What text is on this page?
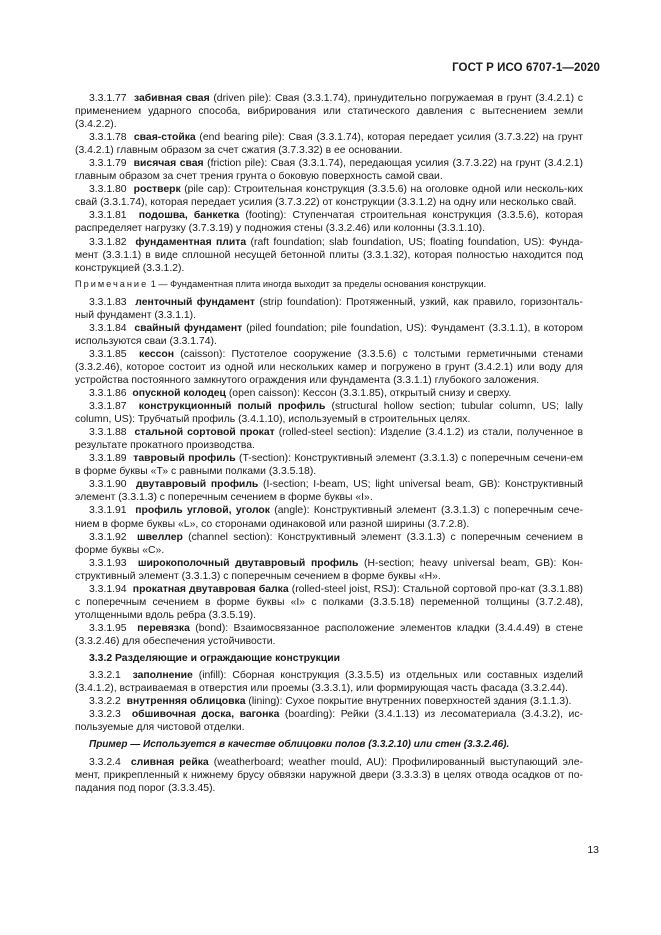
ГОСТ Р ИСО 6707-1—2020

3.3.1.77 забивная свая (driven pile): Свая (3.3.1.74), принудительно погружаемая в грунт (3.4.2.1) с применением ударного способа, вибрирования или статического давления с вытеснением земли (3.4.2.2).

3.3.1.78 свая-стойка (end bearing pile): Свая (3.3.1.74), которая передает усилия (3.7.3.22) на грунт (3.4.2.1) главным образом за счет сжатия (3.7.3.32) в ее основании.

3.3.1.79 висячая свая (friction pile): Свая (3.3.1.74), передающая усилия (3.7.3.22) на грунт (3.4.2.1) главным образом за счет трения грунта о боковую поверхность самой сваи.

3.3.1.80 ростверк (pile cap): Строительная конструкция (3.3.5.6) на оголовке одной или несколь-ких свай (3.3.1.74), которая передает усилия (3.7.3.22) от конструкции (3.3.1.2) на одну или несколько свай.

3.3.1.81 подошва, банкетка (footing): Ступенчатая строительная конструкция (3.3.5.6), которая распределяет нагрузку (3.7.3.19) у подножия стены (3.3.2.46) или колонны (3.3.1.10).

3.3.1.82 фундаментная плита (raft foundation; slab foundation, US; floating foundation, US): Фунда-мент (3.3.1.1) в виде сплошной несущей бетонной плиты (3.3.1.32), которая полностью находится под конструкцией (3.3.1.2).

Примечание 1 — Фундаментная плита иногда выходит за пределы основания конструкции.

3.3.1.83 ленточный фундамент (strip foundation): Протяженный, узкий, как правило, горизонталь-ный фундамент (3.3.1.1).

3.3.1.84 свайный фундамент (piled foundation; pile foundation, US): Фундамент (3.3.1.1), в котором используются сваи (3.3.1.74).

3.3.1.85 кессон (caisson): Пустотелое сооружение (3.3.5.6) с толстыми герметичными стенами (3.3.2.46), которое состоит из одной или нескольких камер и погружено в грунт (3.4.2.1) или воду для устройства постоянного замкнутого ограждения или фундамента (3.3.1.1) глубокого заложения.

3.3.1.86 опускной колодец (open caisson): Кессон (3.3.1.85), открытый снизу и сверху.

3.3.1.87 конструкционный полый профиль (structural hollow section; tubular column, US; lally column, US): Трубчатый профиль (3.4.1.10), используемый в строительных целях.

3.3.1.88 стальной сортовой прокат (rolled-steel section): Изделие (3.4.1.2) из стали, полученное в результате прокатного производства.

3.3.1.89 тавровый профиль (T-section): Конструктивный элемент (3.3.1.3) с поперечным сечени-ем в форме буквы «Т» с равными полками (3.3.5.18).

3.3.1.90 двутавровый профиль (I-section; I-beam, US; light universal beam, GB): Конструктивный элемент (3.3.1.3) с поперечным сечением в форме буквы «I».

3.3.1.91 профиль угловой, уголок (angle): Конструктивный элемент (3.3.1.3) с поперечным сече-нием в форме буквы «L», со сторонами одинаковой или разной ширины (3.7.2.8).

3.3.1.92 швеллер (channel section): Конструктивный элемент (3.3.1.3) с поперечным сечением в форме буквы «С».

3.3.1.93 широкополочный двутавровый профиль (H-section; heavy universal beam, GB): Кон-структивный элемент (3.3.1.3) с поперечным сечением в форме буквы «Н».

3.3.1.94 прокатная двутавровая балка (rolled-steel joist, RSJ): Стальной сортовой про-кат (3.3.1.88) с поперечным сечением в форме буквы «I» с полками (3.3.5.18) переменной толщины (3.7.2.48), утолщенными вдоль ребра (3.3.5.19).

3.3.1.95 перевязка (bond): Взаимосвязанное расположение элементов кладки (3.4.4.49) в стене (3.3.2.46) для обеспечения устойчивости.

3.3.2 Разделяющие и ограждающие конструкции

3.3.2.1 заполнение (infill): Сборная конструкция (3.3.5.5) из отдельных или составных изделий (3.4.1.2), встраиваемая в отверстия или проемы (3.3.3.1), или формирующая часть фасада (3.3.2.44).

3.3.2.2 внутренняя облицовка (lining): Сухое покрытие внутренних поверхностей здания (3.1.1.3).

3.3.2.3 обшивочная доска, вагонка (boarding): Рейки (3.4.1.13) из лесоматериала (3.4.3.2), ис-пользуемые для чистовой отделки.

Пример — Используется в качестве облицовки полов (3.3.2.10) или стен (3.3.2.46).

3.3.2.4 сливная рейка (weatherboard; weather mould, AU): Профилированный выступающий эле-мент, прикрепленный к нижнему брусу обвязки наружной двери (3.3.3.3) в целях отвода осадков от по-падания под порог (3.3.3.45).

13
